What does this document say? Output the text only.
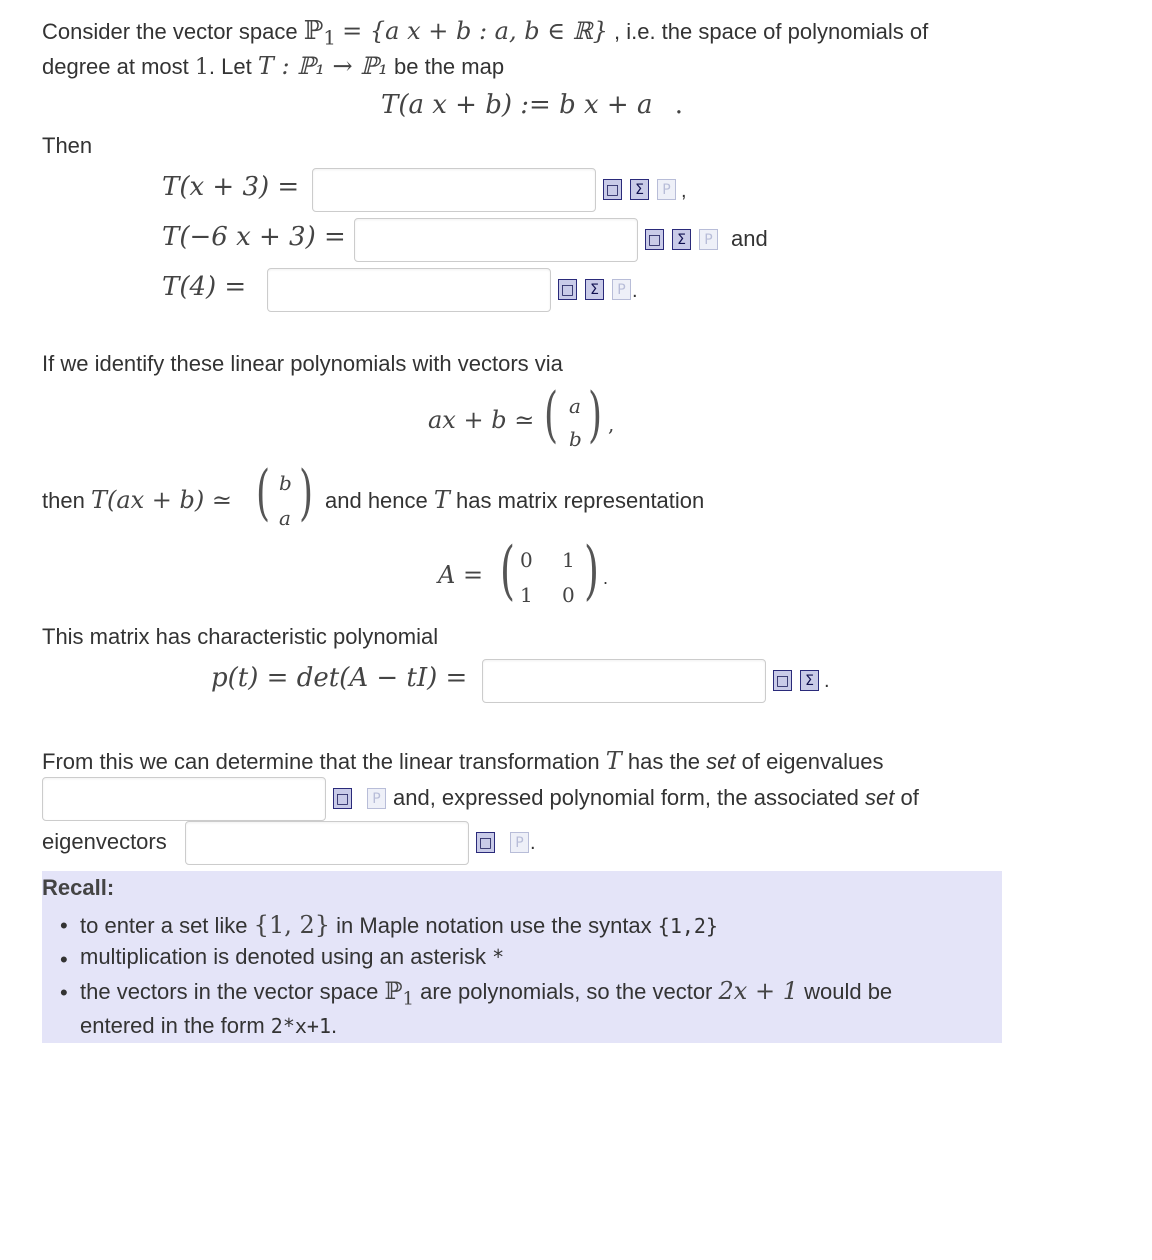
Consider the vector space ℙ$_1$ = {a x + b : a, b ∈ ℝ} , i.e. the space of polynomials of
degree at most 1. Let T : ℙ₁ → ℙ₁ be the map
T(a x + b) := b x + a .
Then
T(x + 3) =	□	Σ	P ,
T(−6 x + 3) =	□	Σ	P and
T(4) =	□	Σ	P .
If we identify these linear polynomials with vectors via
ax + b ≃ ( a
b ) ,
then T(ax + b) ≃ ( b
a ) and hence T has matrix representation
A = ( 0 1
1 0 ) .
This matrix has characteristic polynomial
p(t) = det(A − tI) =	□	Σ .
From this we can determine that the linear transformation T has the set of eigenvalues
□	P and, expressed polynomial form, the associated set of
eigenvectors	□	P .
Recall:
• to enter a set like {1, 2} in Maple notation use the syntax {1,2}
• multiplication is denoted using an asterisk *
• the vectors in the vector space ℙ$_1$ are polynomials, so the vector 2x + 1 would be
entered in the form 2*x+1.
